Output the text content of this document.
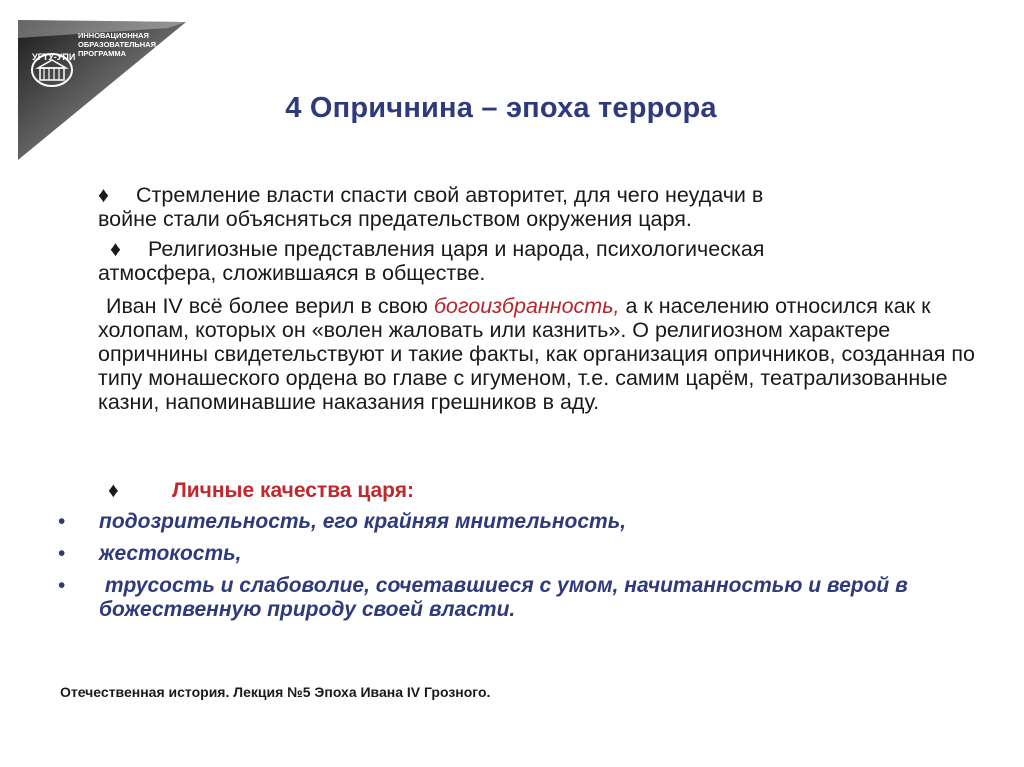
УГТУ-УПИ
ИННОВАЦИОННАЯ
ОБРАЗОВАТЕЛЬНАЯ
ПРОГРАММА
4 Опричнина – эпоха террора

♦ Стремление власти спасти свой авторитет, для чего неудачи в
войне стали объясняться предательством окружения царя.

♦ Религиозные представления царя и народа, психологическая
атмосфера, сложившаяся в обществе.

Иван IV всё более верил в свою богоизбранность, а к населению относился как к холопам, которых он «волен жаловать или казнить». О религиозном характере опричнины свидетельствуют и такие факты, как организация опричников, созданная по типу монашеского ордена во главе с игуменом, т.е. самим царём, театрализованные казни, напоминавшие наказания грешников в аду.

♦	Личные качества царя:
• подозрительность, его крайняя мнительность,
• жестокость,
• трусость и слабоволие, сочетавшиеся с умом, начитанностью и верой в божественную природу своей власти.
Отечественная история. Лекция №5 Эпоха Ивана IV Грозного.
